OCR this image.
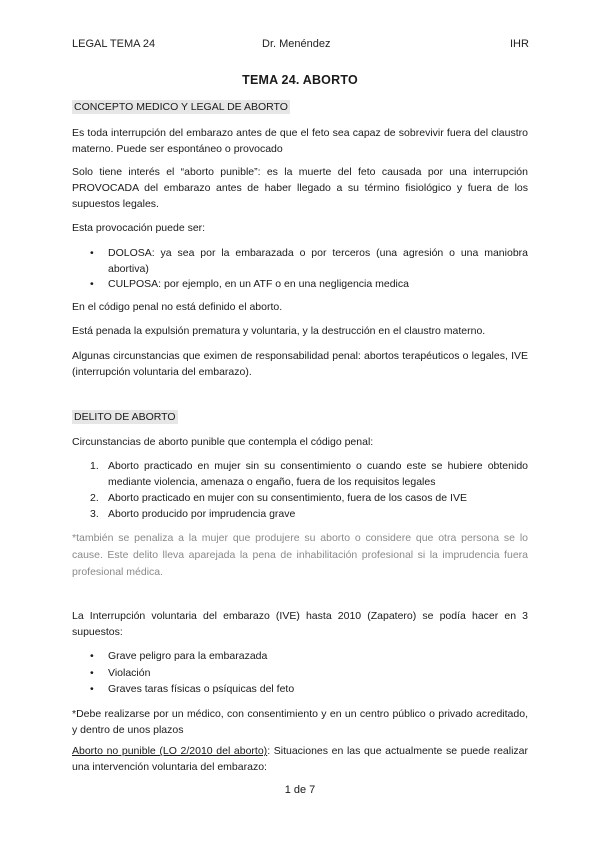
LEGAL TEMA 24	Dr. Menéndez	IHR
TEMA 24. ABORTO
CONCEPTO MEDICO Y LEGAL DE ABORTO

Es toda interrupción del embarazo antes de que el feto sea capaz de sobrevivir fuera del claustro materno. Puede ser espontáneo o provocado

Solo tiene interés el “aborto punible”: es la muerte del feto causada por una interrupción PROVOCADA del embarazo antes de haber llegado a su término fisiológico y fuera de los supuestos legales.

Esta provocación puede ser:

• DOLOSA: ya sea por la embarazada o por terceros (una agresión o una maniobra abortiva)
• CULPOSA: por ejemplo, en un ATF o en una negligencia medica

En el código penal no está definido el aborto.

Está penada la expulsión prematura y voluntaria, y la destrucción en el claustro materno.

Algunas circunstancias que eximen de responsabilidad penal: abortos terapéuticos o legales, IVE (interrupción voluntaria del embarazo).

DELITO DE ABORTO

Circunstancias de aborto punible que contempla el código penal:

1. Aborto practicado en mujer sin su consentimiento o cuando este se hubiere obtenido mediante violencia, amenaza o engaño, fuera de los requisitos legales
2. Aborto practicado en mujer con su consentimiento, fuera de los casos de IVE
3. Aborto producido por imprudencia grave

*también se penaliza a la mujer que produjere su aborto o considere que otra persona se lo cause. Este delito lleva aparejada la pena de inhabilitación profesional si la imprudencia fuera profesional médica.

La Interrupción voluntaria del embarazo (IVE) hasta 2010 (Zapatero) se podía hacer en 3 supuestos:

• Grave peligro para la embarazada
• Violación
• Graves taras físicas o psíquicas del feto

*Debe realizarse por un médico, con consentimiento y en un centro público o privado acreditado, y dentro de unos plazos

Aborto no punible (LO 2/2010 del aborto): Situaciones en las que actualmente se puede realizar una intervención voluntaria del embarazo:

1 de 7
